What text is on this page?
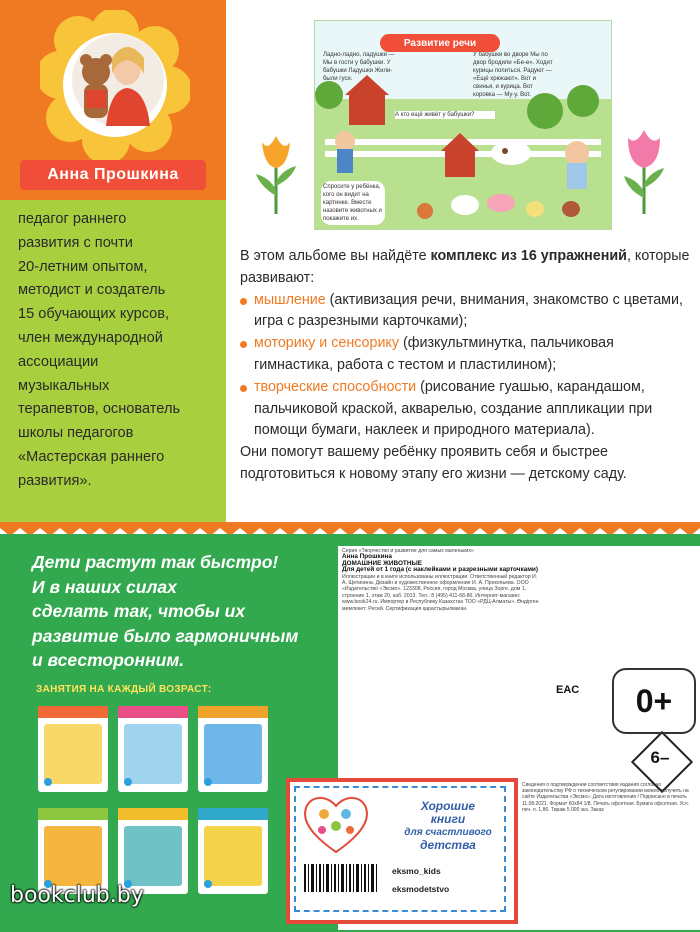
Анна Прошкина
педагог раннего
развития с почти
20-летним опытом,
методист и создатель
15 обучающих курсов,
член международной
ассоциации
музыкальных
терапевтов, основатель
школы педагогов
«Мастерская раннего
развития».
Ладно-ладно, ладушки — Мы в гости у бабушки. У бабушки Ладушки Жили-были гуси.
У бабушки во дворе Мы по двор бродили «Бе-е». Ходят курицы попиться. Радуют — «Ещё хрюкают». Вот и свинья, и курица. Вот коровка — Му-у. Вот.
А кто ещё живёт у бабушки?
Спросите у ребёнка, кого он видит на картинке. Вместе назовите животных и покажите их.
Развитие речи

В этом альбоме вы найдёте комплекс из 16 упражнений, которые развивают:

мышление (активизация речи, внимания, знакомство с цветами, игра с разрезными карточками);
моторику и сенсорику (физкультминутка, пальчиковая гимнастика, работа с тестом и пластилином);
творческие способности (рисование гуашью, карандашом, пальчиковой краской, акварелью, создание аппликации при помощи бумаги, наклеек и природного материала).

Они помогут вашему ребёнку проявить себя и быстрее подготовиться к новому этапу его жизни — детскому саду.

Дети растут так быстро!
И в наших силах
сделать так, чтобы их
развитие было гармоничным
и всесторонним.
ЗАНЯТИЯ НА КАЖДЫЙ ВОЗРАСТ:
Серия «Творчество и развитие для самых маленьких»
Анна Прошкина
ДОМАШНИЕ ЖИВОТНЫЕ
Для детей от 1 года (с наклейками и разрезными карточками)
Иллюстрации и в книге использованы иллюстрации. Ответственный редактор И. А. Щетинина. Дизайн и художественное оформление И. А. Прокопьева. ООО «Издательство «Эксмо». 123308, Россия, город Москва, улица Зорге, дом 1, строение 1, этаж 20, каб. 2013. Тел.: 8 (495) 411-68-86. Интернет-магазин: www.book24.ru. Импортер в Республику Казахстан ТОО «РДЦ-Алматы». Өндірген мемлекет: Ресей. Сертификация қарастырылмаған.
EAC	0+
6–
Сведения о подтверждении соответствия издания согласно законодательству РФ о техническом регулировании можно получить на сайте Издательства «Эксмо». Дата изготовления / Подписано в печать 11.08.2021. Формат 60x84 1/8. Печать офсетная. Бумага офсетная. Усл. печ. л. 1,86. Тираж 5 000 экз. Заказ
Хорошие
книги
для счастливого
детства
eksmo_kids
eksmodetstvo
bookclub.by
